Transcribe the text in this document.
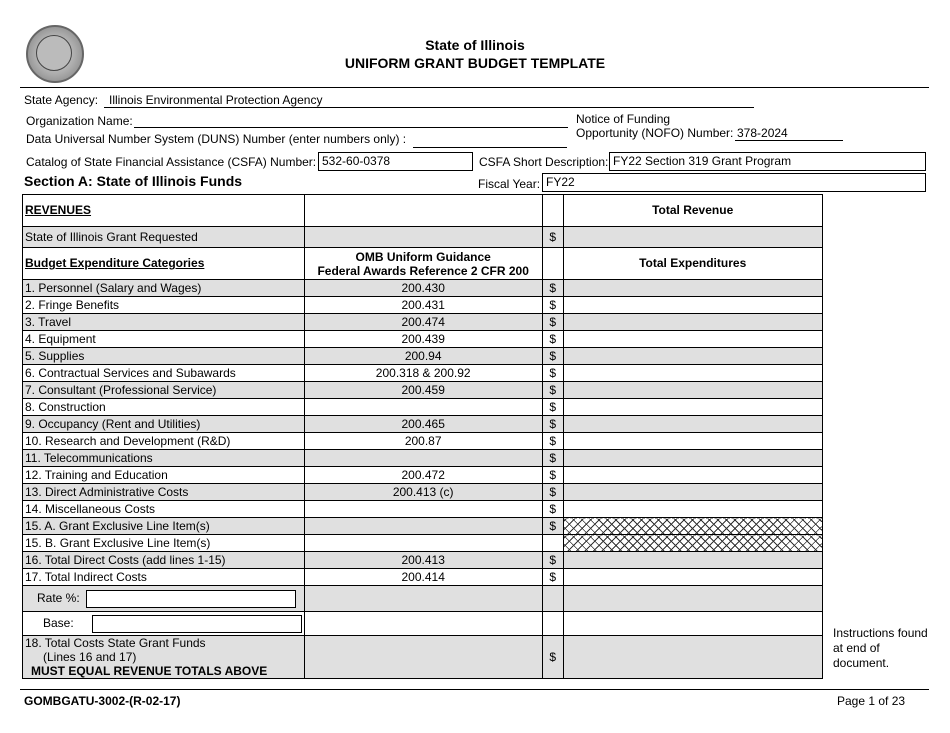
State of Illinois
UNIFORM GRANT BUDGET TEMPLATE
State Agency: Illinois Environmental Protection Agency
Organization Name:	Notice of Funding
Opportunity (NOFO) Number: 378-2024
Data Universal Number System (DUNS) Number (enter numbers only) :
Catalog of State Financial Assistance (CSFA) Number: 532-60-0378	CSFA Short Description: FY22 Section 319 Grant Program
Section A: State of Illinois Funds	Fiscal Year: FY22
REVENUES			Total Revenue
State of Illinois Grant Requested		$	
Budget Expenditure Categories	OMB Uniform Guidance
Federal Awards Reference 2 CFR 200		Total Expenditures
1. Personnel (Salary and Wages)	200.430	$	
2. Fringe Benefits	200.431	$	
3. Travel	200.474	$	
4. Equipment	200.439	$	
5. Supplies	200.94	$	
6. Contractual Services and Subawards	200.318 & 200.92	$	
7. Consultant (Professional Service)	200.459	$	
8. Construction		$	
9. Occupancy (Rent and Utilities)	200.465	$	
10. Research and Development (R&D)	200.87	$	
11. Telecommunications		$	
12. Training and Education	200.472	$	
13. Direct Administrative Costs	200.413 (c)	$	
14. Miscellaneous Costs		$	
15. A. Grant Exclusive Line Item(s)		$	
15. B. Grant Exclusive Line Item(s)			
16. Total Direct Costs (add lines 1-15)	200.413	$	
17. Total Indirect Costs	200.414	$	
Rate %:			
Base:			
18. Total Costs State Grant Funds
(Lines 16 and 17)
MUST EQUAL REVENUE TOTALS ABOVE		$	
Instructions found at end of document.
GOMBGATU-3002-(R-02-17)	Page 1 of 23
